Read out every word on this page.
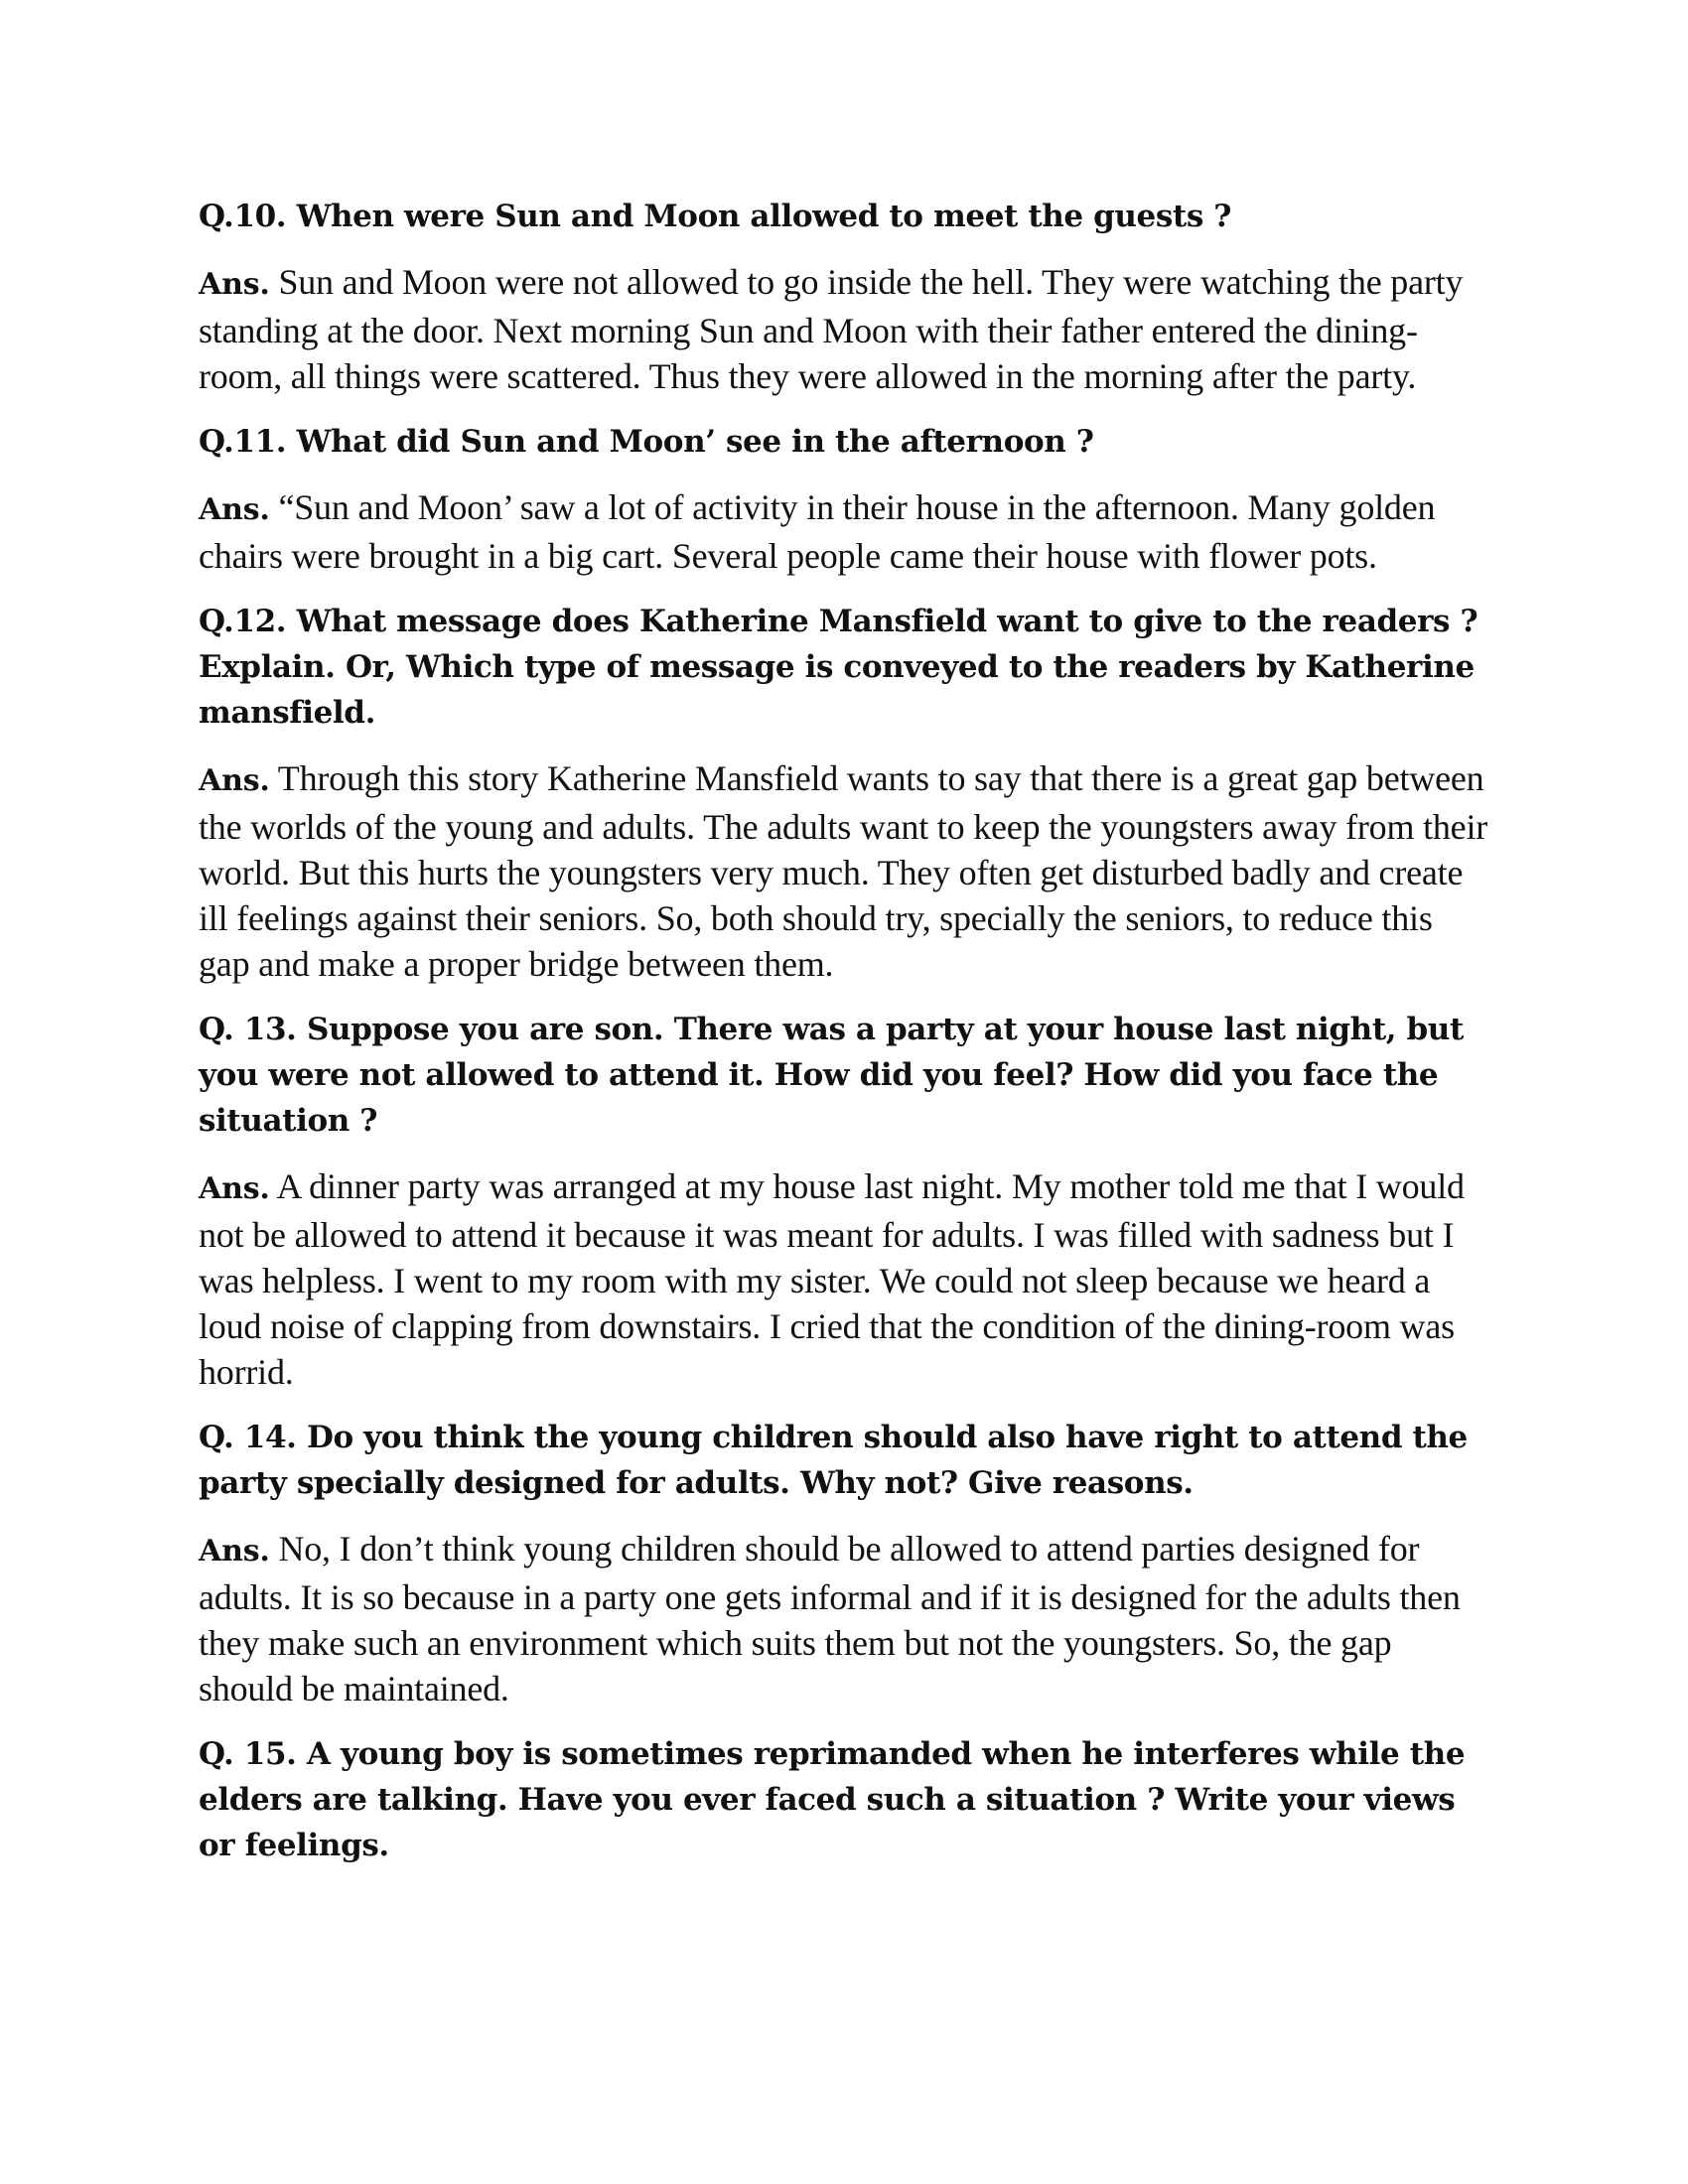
Q.10. When were Sun and Moon allowed to meet the guests ?

Ans. Sun and Moon were not allowed to go inside the hell. They were watching the party standing at the door. Next morning Sun and Moon with their father entered the dining-room, all things were scattered. Thus they were allowed in the morning after the party.

Q.11. What did Sun and Moon’ see in the afternoon ?

Ans. “Sun and Moon’ saw a lot of activity in their house in the afternoon. Many golden chairs were brought in a big cart. Several people came their house with flower pots.

Q.12. What message does Katherine Mansfield want to give to the readers ? Explain. Or, Which type of message is conveyed to the readers by Katherine mansfield.

Ans. Through this story Katherine Mansfield wants to say that there is a great gap between the worlds of the young and adults. The adults want to keep the youngsters away from their world. But this hurts the youngsters very much. They often get disturbed badly and create ill feelings against their seniors. So, both should try, specially the seniors, to reduce this gap and make a proper bridge between them.

Q. 13. Suppose you are son. There was a party at your house last night, but you were not allowed to attend it. How did you feel? How did you face the situation ?

Ans. A dinner party was arranged at my house last night. My mother told me that I would not be allowed to attend it because it was meant for adults. I was filled with sadness but I was helpless. I went to my room with my sister. We could not sleep because we heard a loud noise of clapping from downstairs. I cried that the condition of the dining-room was horrid.

Q. 14. Do you think the young children should also have right to attend the party specially designed for adults. Why not? Give reasons.

Ans. No, I don’t think young children should be allowed to attend parties designed for adults. It is so because in a party one gets informal and if it is designed for the adults then they make such an environment which suits them but not the youngsters. So, the gap should be maintained.

Q. 15. A young boy is sometimes reprimanded when he interferes while the elders are talking. Have you ever faced such a situation ? Write your views or feelings.
